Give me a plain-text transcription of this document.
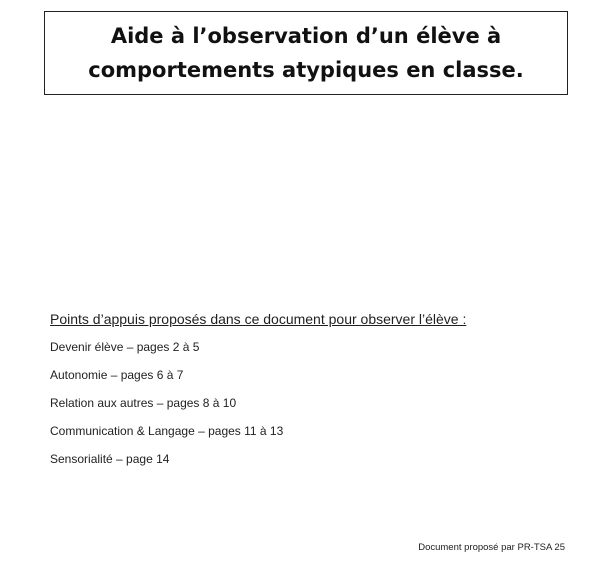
Aide à l’observation d’un élève à
comportements atypiques en classe.
Points d’appuis proposés dans ce document pour observer l’élève :
Devenir élève – pages 2 à 5
Autonomie – pages 6 à 7
Relation aux autres – pages 8 à 10
Communication & Langage – pages 11 à 13
Sensorialité – page 14
Document proposé par PR-TSA 25
